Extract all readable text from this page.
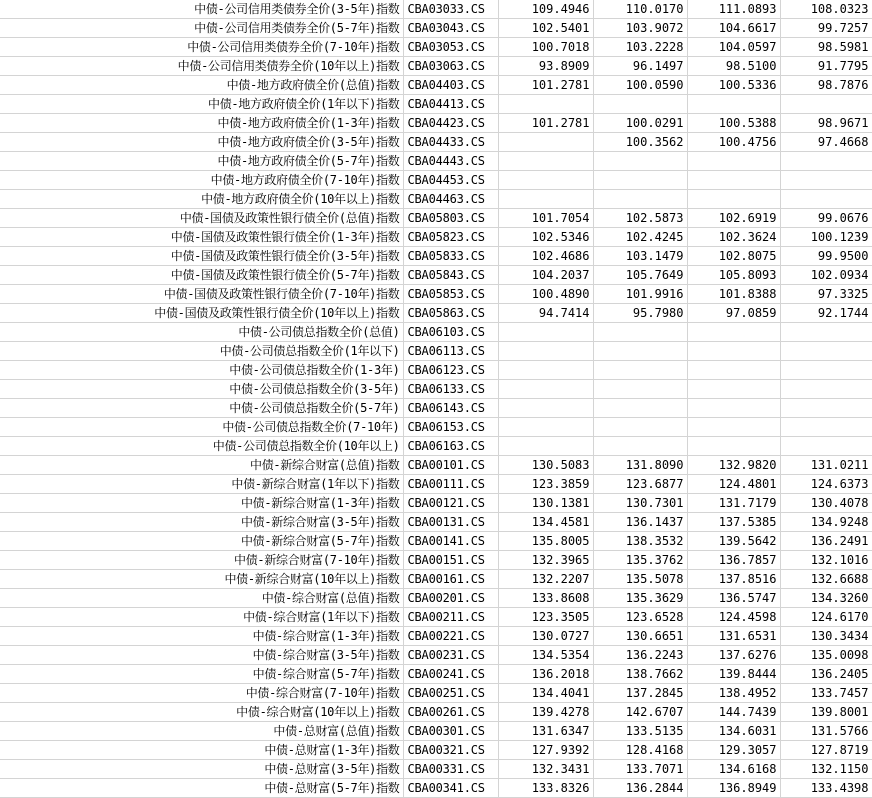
中债-公司信用类债券全价(3-5年)指数	CBA03033.CS	109.4946	110.0170	111.0893	108.0323
中债-公司信用类债券全价(5-7年)指数	CBA03043.CS	102.5401	103.9072	104.6617	99.7257
中债-公司信用类债券全价(7-10年)指数	CBA03053.CS	100.7018	103.2228	104.0597	98.5981
中债-公司信用类债券全价(10年以上)指数	CBA03063.CS	93.8909	96.1497	98.5100	91.7795
中债-地方政府债全价(总值)指数	CBA04403.CS	101.2781	100.0590	100.5336	98.7876
中债-地方政府债全价(1年以下)指数	CBA04413.CS				
中债-地方政府债全价(1-3年)指数	CBA04423.CS	101.2781	100.0291	100.5388	98.9671
中债-地方政府债全价(3-5年)指数	CBA04433.CS		100.3562	100.4756	97.4668
中债-地方政府债全价(5-7年)指数	CBA04443.CS				
中债-地方政府债全价(7-10年)指数	CBA04453.CS				
中债-地方政府债全价(10年以上)指数	CBA04463.CS				
中债-国债及政策性银行债全价(总值)指数	CBA05803.CS	101.7054	102.5873	102.6919	99.0676
中债-国债及政策性银行债全价(1-3年)指数	CBA05823.CS	102.5346	102.4245	102.3624	100.1239
中债-国债及政策性银行债全价(3-5年)指数	CBA05833.CS	102.4686	103.1479	102.8075	99.9500
中债-国债及政策性银行债全价(5-7年)指数	CBA05843.CS	104.2037	105.7649	105.8093	102.0934
中债-国债及政策性银行债全价(7-10年)指数	CBA05853.CS	100.4890	101.9916	101.8388	97.3325
中债-国债及政策性银行债全价(10年以上)指数	CBA05863.CS	94.7414	95.7980	97.0859	92.1744
中债-公司债总指数全价(总值)	CBA06103.CS				
中债-公司债总指数全价(1年以下)	CBA06113.CS				
中债-公司债总指数全价(1-3年)	CBA06123.CS				
中债-公司债总指数全价(3-5年)	CBA06133.CS				
中债-公司债总指数全价(5-7年)	CBA06143.CS				
中债-公司债总指数全价(7-10年)	CBA06153.CS				
中债-公司债总指数全价(10年以上)	CBA06163.CS				
中债-新综合财富(总值)指数	CBA00101.CS	130.5083	131.8090	132.9820	131.0211
中债-新综合财富(1年以下)指数	CBA00111.CS	123.3859	123.6877	124.4801	124.6373
中债-新综合财富(1-3年)指数	CBA00121.CS	130.1381	130.7301	131.7179	130.4078
中债-新综合财富(3-5年)指数	CBA00131.CS	134.4581	136.1437	137.5385	134.9248
中债-新综合财富(5-7年)指数	CBA00141.CS	135.8005	138.3532	139.5642	136.2491
中债-新综合财富(7-10年)指数	CBA00151.CS	132.3965	135.3762	136.7857	132.1016
中债-新综合财富(10年以上)指数	CBA00161.CS	132.2207	135.5078	137.8516	132.6688
中债-综合财富(总值)指数	CBA00201.CS	133.8608	135.3629	136.5747	134.3260
中债-综合财富(1年以下)指数	CBA00211.CS	123.3505	123.6528	124.4598	124.6170
中债-综合财富(1-3年)指数	CBA00221.CS	130.0727	130.6651	131.6531	130.3434
中债-综合财富(3-5年)指数	CBA00231.CS	134.5354	136.2243	137.6276	135.0098
中债-综合财富(5-7年)指数	CBA00241.CS	136.2018	138.7662	139.8444	136.2405
中债-综合财富(7-10年)指数	CBA00251.CS	134.4041	137.2845	138.4952	133.7457
中债-综合财富(10年以上)指数	CBA00261.CS	139.4278	142.6707	144.7439	139.8001
中债-总财富(总值)指数	CBA00301.CS	131.6347	133.5135	134.6031	131.5766
中债-总财富(1-3年)指数	CBA00321.CS	127.9392	128.4168	129.3057	127.8719
中债-总财富(3-5年)指数	CBA00331.CS	132.3431	133.7071	134.6168	132.1150
中债-总财富(5-7年)指数	CBA00341.CS	133.8326	136.2844	136.8949	133.4398
